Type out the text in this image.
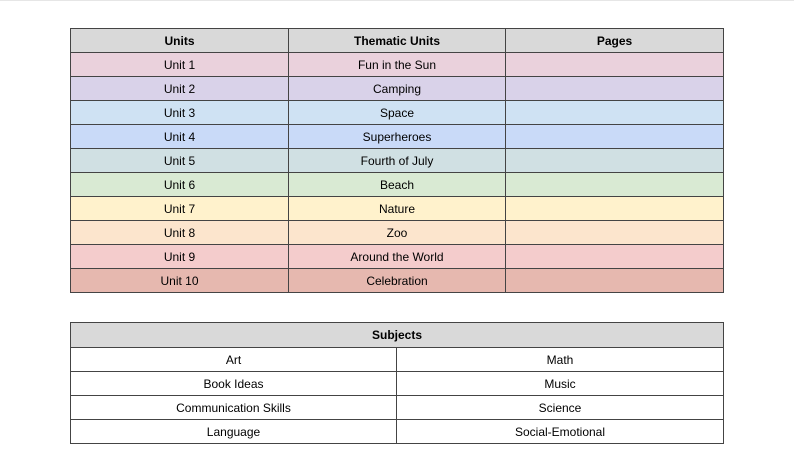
Units	Thematic Units	Pages
Unit 1	Fun in the Sun	
Unit 2	Camping	
Unit 3	Space	
Unit 4	Superheroes	
Unit 5	Fourth of July	
Unit 6	Beach	
Unit 7	Nature	
Unit 8	Zoo	
Unit 9	Around the World	
Unit 10	Celebration	
Subjects	
Art	Math
Book Ideas	Music
Communication Skills	Science
Language	Social-Emotional
